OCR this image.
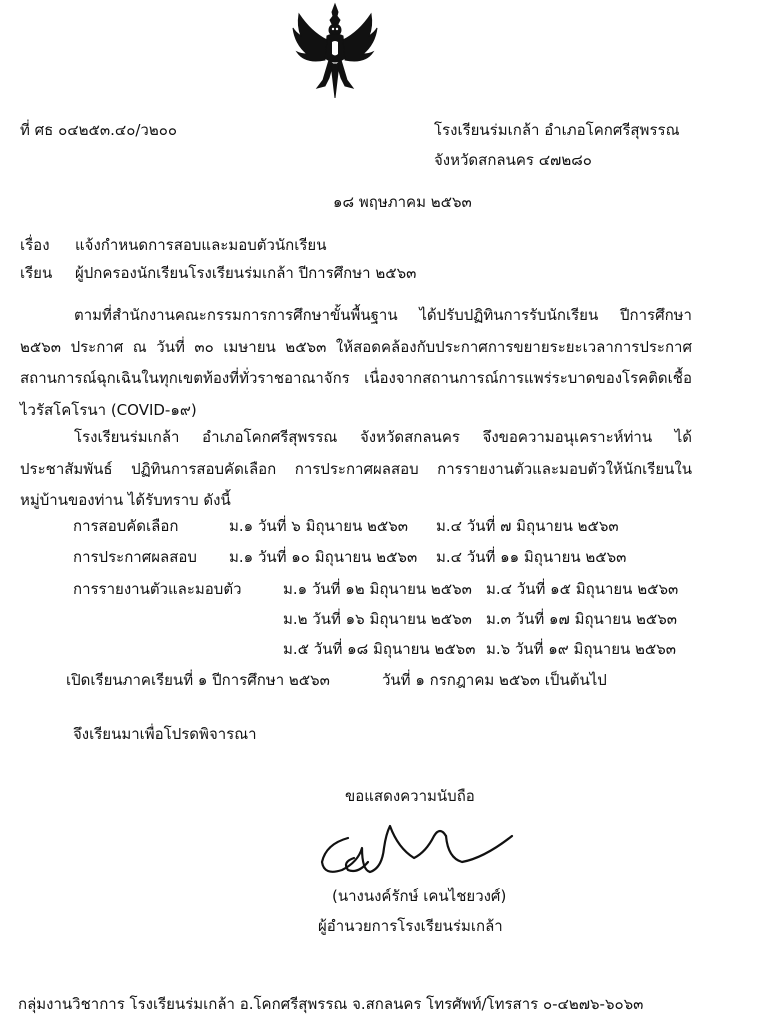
ที่ ศธ ๐๔๒๕๓.๔๐/ว๒๐๐	โรงเรียนร่มเกล้า อำเภอโคกศรีสุพรรณ
จังหวัดสกลนคร ๔๗๒๘๐
๑๘ พฤษภาคม ๒๕๖๓
เรื่อง แจ้งกำหนดการสอบและมอบตัวนักเรียน
เรียน ผู้ปกครองนักเรียนโรงเรียนร่มเกล้า ปีการศึกษา ๒๕๖๓
ตามที่สำนักงานคณะกรรมการการศึกษาขั้นพื้นฐาน ได้ปรับปฏิทินการรับนักเรียน ปีการศึกษา ๒๕๖๓ ประกาศ ณ วันที่ ๓๐ เมษายน ๒๕๖๓ ให้สอดคล้องกับประกาศการขยายระยะเวลาการประกาศสถานการณ์ฉุกเฉินในทุกเขตท้องที่ทั่วราชอาณาจักร เนื่องจากสถานการณ์การแพร่ระบาดของโรคติดเชื้อไวรัสโคโรนา (COVID-๑๙)
โรงเรียนร่มเกล้า อำเภอโคกศรีสุพรรณ จังหวัดสกลนคร จึงขอความอนุเคราะห์ท่าน ได้ประชาสัมพันธ์ ปฏิทินการสอบคัดเลือก การประกาศผลสอบ การรายงานตัวและมอบตัวให้นักเรียนในหมู่บ้านของท่าน ได้รับทราบ ดังนี้
การสอบคัดเลือก	ม.๑ วันที่ ๖ มิถุนายน ๒๕๖๓ ม.๔ วันที่ ๗ มิถุนายน ๒๕๖๓
การประกาศผลสอบ ม.๑ วันที่ ๑๐ มิถุนายน ๒๕๖๓ ม.๔ วันที่ ๑๑ มิถุนายน ๒๕๖๓
การรายงานตัวและมอบตัว	ม.๑ วันที่ ๑๒ มิถุนายน ๒๕๖๓ ม.๔ วันที่ ๑๕ มิถุนายน ๒๕๖๓
ม.๒ วันที่ ๑๖ มิถุนายน ๒๕๖๓ ม.๓ วันที่ ๑๗ มิถุนายน ๒๕๖๓
ม.๕ วันที่ ๑๘ มิถุนายน ๒๕๖๓ ม.๖ วันที่ ๑๙ มิถุนายน ๒๕๖๓
เปิดเรียนภาคเรียนที่ ๑ ปีการศึกษา ๒๕๖๓	วันที่ ๑ กรกฎาคม ๒๕๖๓ เป็นต้นไป
จึงเรียนมาเพื่อโปรดพิจารณา
ขอแสดงความนับถือ
(นางนงค์รักษ์ เคนไชยวงศ์)
ผู้อำนวยการโรงเรียนร่มเกล้า
กลุ่มงานวิชาการ โรงเรียนร่มเกล้า อ.โคกศรีสุพรรณ จ.สกลนคร โทรศัพท์/โทรสาร ๐-๔๒๗๖-๖๐๖๓
